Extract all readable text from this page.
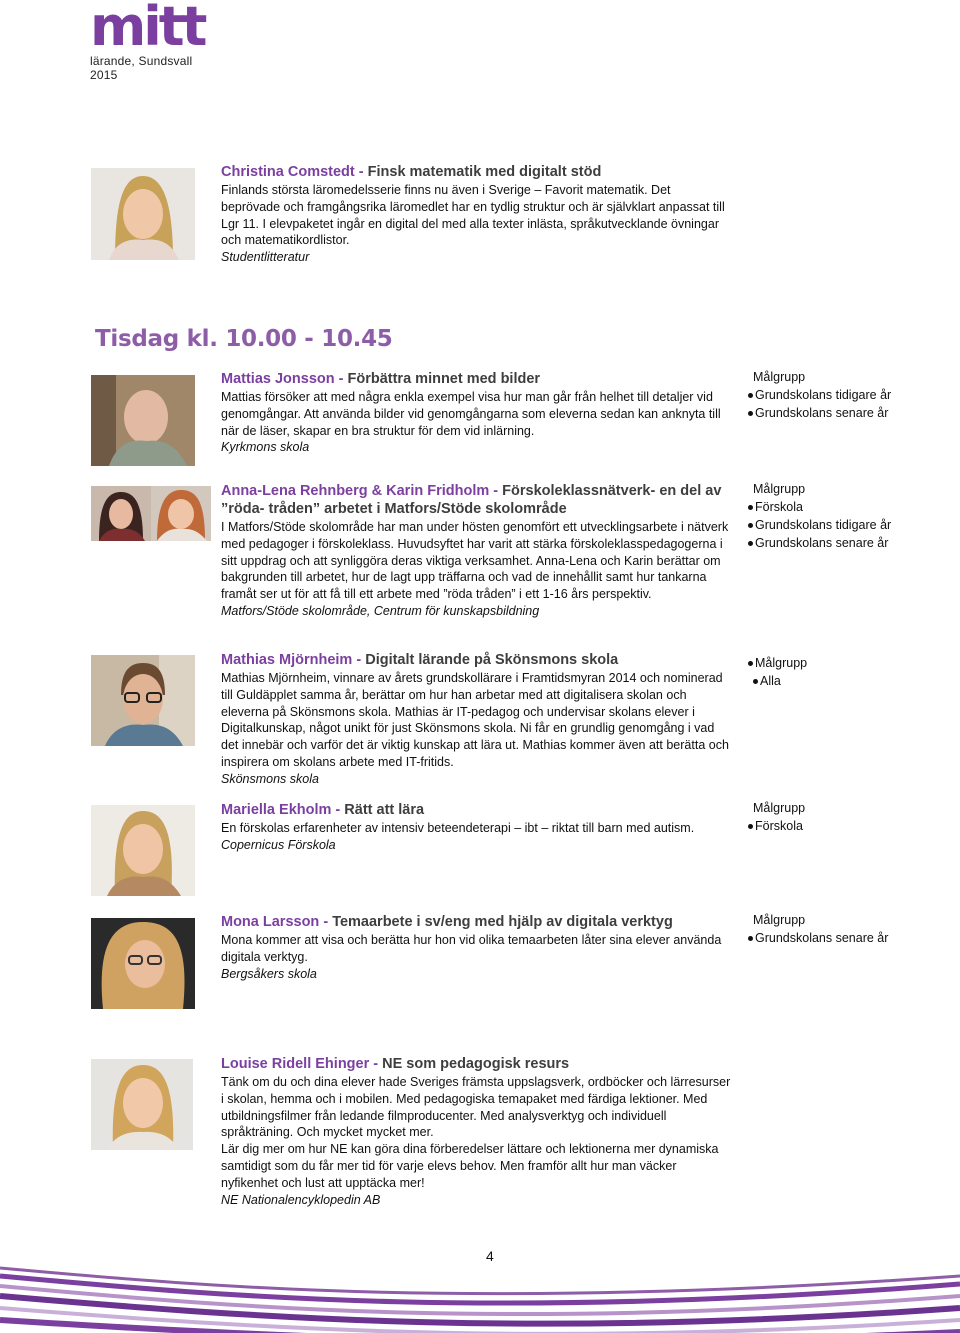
mitt
lärande, Sundsvall 2015
Christina Comstedt - Finsk matematik med digitalt stöd
Finlands största läromedelsserie finns nu även i Sverige – Favorit matematik. Det beprövade och framgångsrika läromedlet har en tydlig struktur och är självklart anpassat till Lgr 11. I elevpaketet ingår en digital del med alla texter inlästa, språkutvecklande övningar och matematikordlistor.
Studentlitteratur
Tisdag kl. 10.00 - 10.45
Mattias Jonsson - Förbättra minnet med bilder
Mattias försöker att med några enkla exempel visa hur man går från helhet till detaljer vid genomgångar. Att använda bilder vid genomgångarna som eleverna sedan kan anknyta till när de läser, skapar en bra struktur för dem vid inlärning.
Kyrkmons skola
Målgrupp
Grundskolans tidigare år
Grundskolans senare år
Anna-Lena Rehnberg & Karin Fridholm - Förskoleklassnätverk- en del av ”röda- tråden” arbetet i Matfors/Stöde skolområde
I Matfors/Stöde skolområde har man under hösten genomfört ett utvecklingsarbete i nätverk med pedagoger i förskoleklass. Huvudsyftet har varit att stärka förskoleklasspedagogerna i sitt uppdrag och att synliggöra deras viktiga verksamhet. Anna-Lena och Karin berättar om bakgrunden till arbetet, hur de lagt upp träffarna och vad de innehållit samt hur tankarna framåt ser ut för att få till ett arbete med ”röda tråden” i ett 1-16 års perspektiv.
Matfors/Stöde skolområde, Centrum för kunskapsbildning
Målgrupp
Förskola
Grundskolans tidigare år
Grundskolans senare år
Mathias Mjörnheim - Digitalt lärande på Skönsmons skola
Mathias Mjörnheim, vinnare av årets grundskollärare i Framtidsmyran 2014 och nominerad till Guldäpplet samma år, berättar om hur han arbetar med att digitalisera skolan och eleverna på Skönsmons skola. Mathias är IT-pedagog och undervisar skolans elever i Digitalkunskap, något unikt för just Skönsmons skola. Ni får en grundlig genomgång i vad det innebär och varför det är viktig kunskap att lära ut. Mathias kommer även att berätta och inspirera om skolans arbete med IT-fritids.
Skönsmons skola
Målgrupp
Alla
Mariella Ekholm - Rätt att lära
En förskolas erfarenheter av intensiv beteendeterapi – ibt – riktat till barn med autism.
Copernicus Förskola
Målgrupp
Förskola
Mona Larsson - Temaarbete i sv/eng med hjälp av digitala verktyg
Mona kommer att visa och berätta hur hon vid olika temaarbeten låter sina elever använda digitala verktyg.
Bergsåkers skola
Målgrupp
Grundskolans senare år
Louise Ridell Ehinger - NE som pedagogisk resurs
Tänk om du och dina elever hade Sveriges främsta uppslagsverk, ordböcker och lärresurser i skolan, hemma och i mobilen. Med pedagogiska temapaket med färdiga lektioner. Med utbildningsfilmer från ledande filmproducenter. Med analysverktyg och individuell språkträning. Och mycket mycket mer.
Lär dig mer om hur NE kan göra dina förberedelser lättare och lektionerna mer dynamiska samtidigt som du får mer tid för varje elevs behov. Men framför allt hur man väcker nyfikenhet och lust att upptäcka mer!
NE Nationalencyklopedin AB
4
